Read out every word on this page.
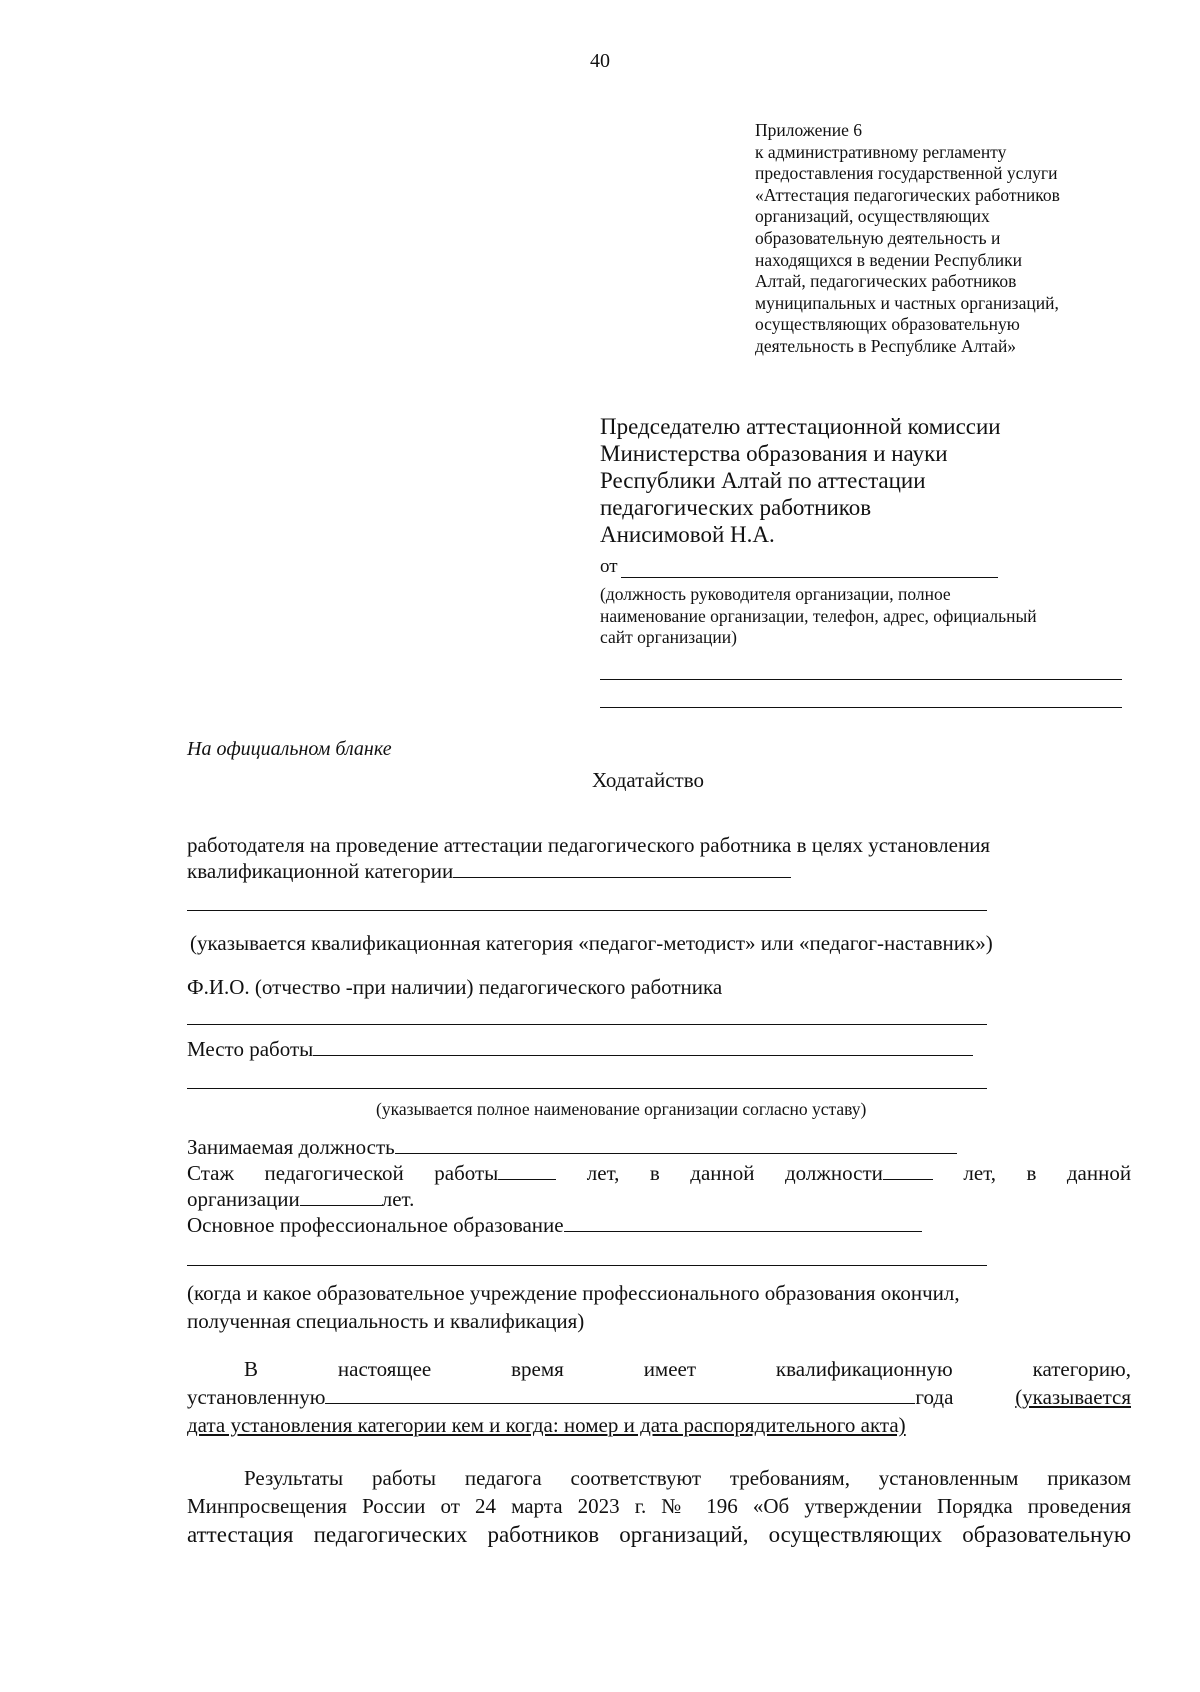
40
Приложение 6
к административному регламенту
предоставления государственной услуги
«Аттестация педагогических работников
организаций, осуществляющих
образовательную деятельность и
находящихся в ведении Республики
Алтай, педагогических работников
муниципальных и частных организаций,
осуществляющих образовательную
деятельность в Республике Алтай»
Председателю аттестационной комиссии
Министерства образования и науки
Республики Алтай по аттестации
педагогических работников
Анисимовой Н.А.
от
(должность руководителя организации, полное
наименование организации, телефон, адрес, официальный
сайт организации)
На официальном бланке
Ходатайство
работодателя на проведение аттестации педагогического работника в целях установления
квалификационной категории
(указывается квалификационная категория «педагог-методист» или «педагог-наставник»)
Ф.И.О. (отчество -при наличии) педагогического работника
Место работы
(указывается полное наименование организации согласно уставу)
Занимаемая должность
Стаж педагогической работы	лет, в данной должности	лет, в данной
организации	лет.
Основное профессиональное образование
(когда и какое образовательное учреждение профессионального образования окончил,
полученная специальность и квалификация)
В	настоящее	время	имеет	квалификационную	категорию,
установленную	года	(указывается
дата установления категории кем и когда: номер и дата распорядительного акта)
Результаты работы педагога соответствуют требованиям, установленным приказом
Минпросвещения России от 24 марта 2023 г. № 196 «Об утверждении Порядка проведения
аттестация педагогических работников организаций, осуществляющих образовательную
